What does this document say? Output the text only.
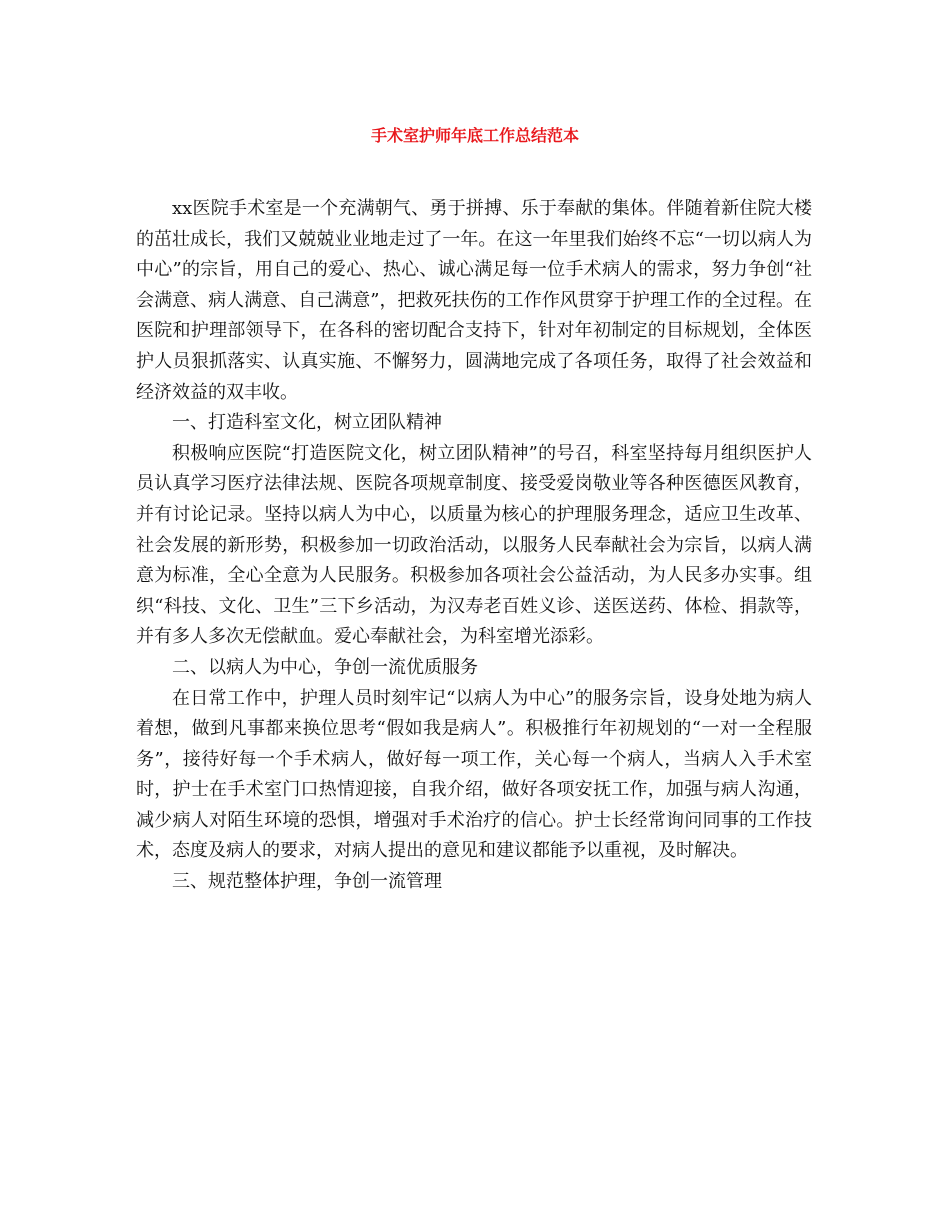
手术室护师年底工作总结范本

xx医院手术室是一个充满朝气、勇于拼搏、乐于奉献的集体。伴随着新住院大楼的茁壮成长，我们又兢兢业业地走过了一年。在这一年里我们始终不忘“一切以病人为中心”的宗旨，用自己的爱心、热心、诚心满足每一位手术病人的需求，努力争创“社会满意、病人满意、自己满意”，把救死扶伤的工作作风贯穿于护理工作的全过程。在医院和护理部领导下，在各科的密切配合支持下，针对年初制定的目标规划，全体医护人员狠抓落实、认真实施、不懈努力，圆满地完成了各项任务，取得了社会效益和经济效益的双丰收。

一、打造科室文化，树立团队精神

积极响应医院“打造医院文化，树立团队精神”的号召，科室坚持每月组织医护人员认真学习医疗法律法规、医院各项规章制度、接受爱岗敬业等各种医德医风教育，并有讨论记录。坚持以病人为中心，以质量为核心的护理服务理念，适应卫生改革、社会发展的新形势，积极参加一切政治活动，以服务人民奉献社会为宗旨，以病人满意为标准，全心全意为人民服务。积极参加各项社会公益活动，为人民多办实事。组织“科技、文化、卫生”三下乡活动，为汉寿老百姓义诊、送医送药、体检、捐款等，并有多人多次无偿献血。爱心奉献社会，为科室增光添彩。

二、以病人为中心，争创一流优质服务

在日常工作中，护理人员时刻牢记“以病人为中心”的服务宗旨，设身处地为病人着想，做到凡事都来换位思考“假如我是病人”。积极推行年初规划的“一对一全程服务”，接待好每一个手术病人，做好每一项工作，关心每一个病人，当病人入手术室时，护士在手术室门口热情迎接，自我介绍，做好各项安抚工作，加强与病人沟通，减少病人对陌生环境的恐惧，增强对手术治疗的信心。护士长经常询问同事的工作技术，态度及病人的要求，对病人提出的意见和建议都能予以重视，及时解决。

三、规范整体护理，争创一流管理
